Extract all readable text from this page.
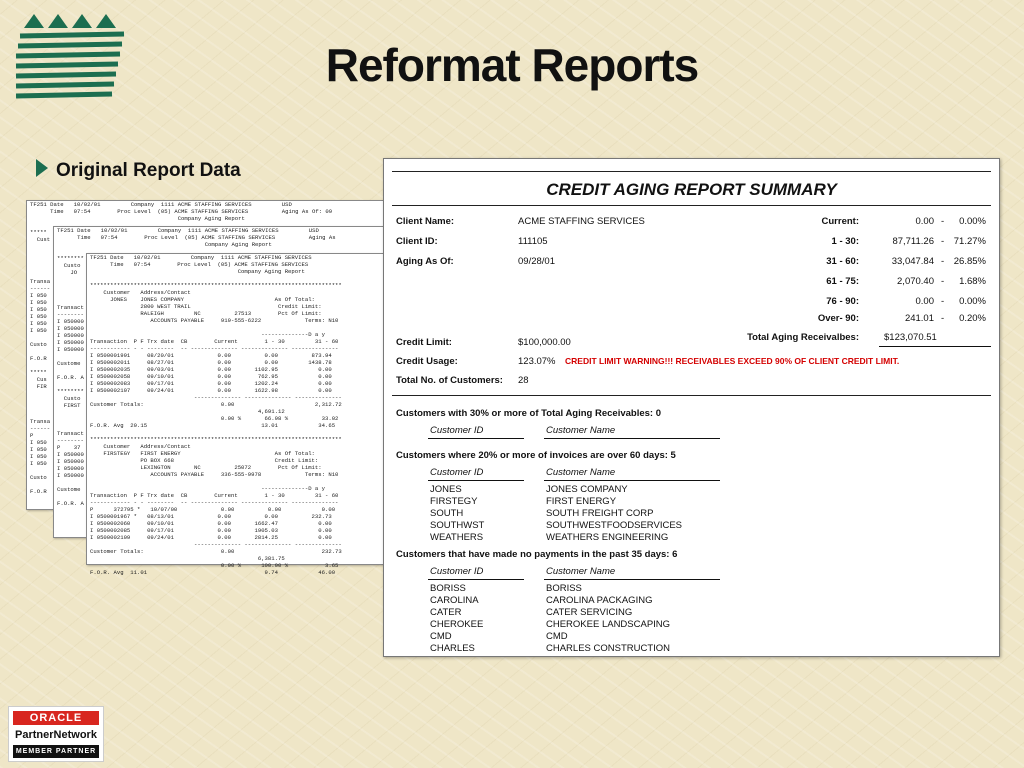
Reformat Reports
Original Report Data
TF251 Date   10/02/01         Company  1111 ACME STAFFING SERVICES         USD
Time   07:54        Proc Level  (05) ACME STAFFING SERVICES          Aging As Of: 09
Company Aging Report
*****
Cust
Transa
------
I 050
I 050
I 050
I 050
I 050
I 050
Custo
F.O.R
*****
Cus
FIR
Transa
------
P
I 050
I 050
I 050
I 050
Custo
F.O.R
TF251 Date   10/02/01         Company  1111 ACME STAFFING SERVICES         USD
Time   07:54        Proc Level  (05) ACME STAFFING SERVICES          Aging As
Company Aging Report
********
Custo
JO
Transact
--------
I 050000
I 050000
I 050000
I 050000
I 050000
Custome
F.O.R. A
********
Custo
FIRST
Transact
--------
P    37
I 050000
I 050000
I 050000
I 050000
Custome
F.O.R. A
TF251 Date   10/02/01         Company  1111 ACME STAFFING SERVICES
Time   07:54        Proc Level  (05) ACME STAFFING SERVICES
Company Aging Report
***************************************************************************
Customer   Address/Contact
JONES    JONES COMPANY                           As Of Total:
2800 WEST TRAIL                          Credit Limit:
RALEIGH         NC          27513        Pct Of Limit:
ACCOUNTS PAYABLE     919-555-6222             Terms: N10
--------------D a y
Transaction  P F Trx date  CB        Current        1 - 30         31 - 60
------------ - - --------  -- -------------- -------------- --------------
I 0500001991     08/20/01             0.00          0.00          873.94
I 0500002011     08/27/01             0.00          0.00         1438.78
I 0500002035     09/03/01             0.00       1102.95            0.00
I 0500002058     09/10/01             0.00        762.95            0.00
I 0500002083     09/17/01             0.00       1202.24            0.00
I 0500002107     09/24/01             0.00       1622.98            0.00
-------------- -------------- --------------
Customer Totals:                       0.00                        2,312.72
4,691.12
0.00 %       66.98 %          33.02
F.O.R. Avg  20.15                                  13.01            34.65
***************************************************************************
Customer   Address/Contact
FIRSTEGY   FIRST ENERGY                            As Of Total:
PO BOX 668                              Credit Limit:
LEXINGTON       NC          25072        Pct Of Limit:
ACCOUNTS PAYABLE     336-555-9978             Terms: N10
--------------D a y
Transaction  P F Trx date  CB        Current        1 - 30         31 - 60
------------ - - --------  -- -------------- -------------- --------------
P      372795 *   10/07/00             0.00          0.00            0.00
I 0500001967 *   08/13/01             0.00          0.00          232.73
I 0500002060     09/10/01             0.00       1662.47            0.00
I 0500002085     09/17/01             0.00       1905.03            0.00
I 0500002109     09/24/01             0.00       2814.25            0.00
-------------- -------------- --------------
Customer Totals:                       0.00                          232.73
6,381.75
0.00 %      100.00 %           3.65
F.O.R. Avg  11.01                                   9.74            46.00
CREDIT AGING REPORT SUMMARY
Client Name:	ACME STAFFING SERVICES
Client ID:	111105
Aging As Of:	09/28/01
Current:	0.00 -	0.00%
1 - 30:	87,711.26 -	71.27%
31 - 60:	33,047.84 -	26.85%
61 - 75:	2,070.40 -	1.68%
76 - 90:	0.00 -	0.00%
Over- 90:	241.01 -	0.20%
Credit Limit:	$100,000.00	Total Aging Receivalbes:	$123,070.51
Credit Usage:	123.07% CREDIT LIMIT WARNING!!! RECEIVABLES EXCEED 90% OF CLIENT CREDIT LIMIT.
Total No. of Customers: 28
Customers with 30% or more of Total Aging Receivables: 0
Customer ID	Customer Name
Customers where 20% or more of invoices are over 60 days: 5
Customer ID	Customer Name
JONES	JONES COMPANY
FIRSTEGY	FIRST ENERGY
SOUTH	SOUTH FREIGHT CORP
SOUTHWST	SOUTHWESTFOODSERVICES
WEATHERS	WEATHERS ENGINEERING
Customers that have made no payments in the past 35 days: 6
Customer ID	Customer Name
BORISS	BORISS
CAROLINA	CAROLINA PACKAGING
CATER	CATER SERVICING
CHEROKEE	CHEROKEE LANDSCAPING
CMD	CMD
CHARLES	CHARLES CONSTRUCTION
ORACLE
PartnerNetwork
MEMBER PARTNER
